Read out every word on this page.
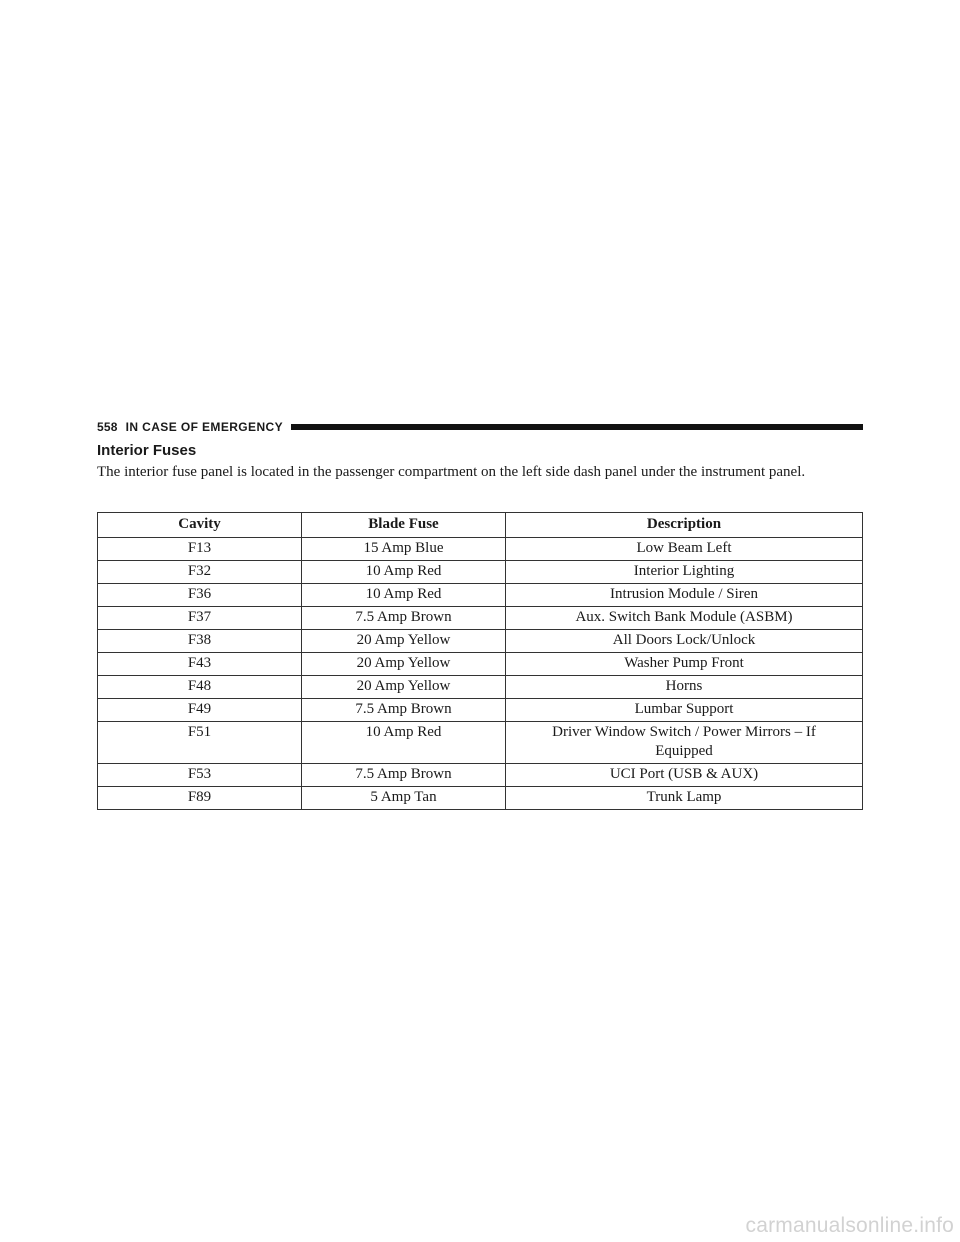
558 IN CASE OF EMERGENCY
Interior Fuses

The interior fuse panel is located in the passenger compartment on the left side dash panel under the instrument panel.

Cavity	Blade Fuse	Description
F13	15 Amp Blue	Low Beam Left
F32	10 Amp Red	Interior Lighting
F36	10 Amp Red	Intrusion Module / Siren
F37	7.5 Amp Brown	Aux. Switch Bank Module (ASBM)
F38	20 Amp Yellow	All Doors Lock/Unlock
F43	20 Amp Yellow	Washer Pump Front
F48	20 Amp Yellow	Horns
F49	7.5 Amp Brown	Lumbar Support
F51	10 Amp Red	Driver Window Switch / Power Mirrors – If Equipped
F53	7.5 Amp Brown	UCI Port (USB & AUX)
F89	5 Amp Tan	Trunk Lamp
carmanualsonline.info
